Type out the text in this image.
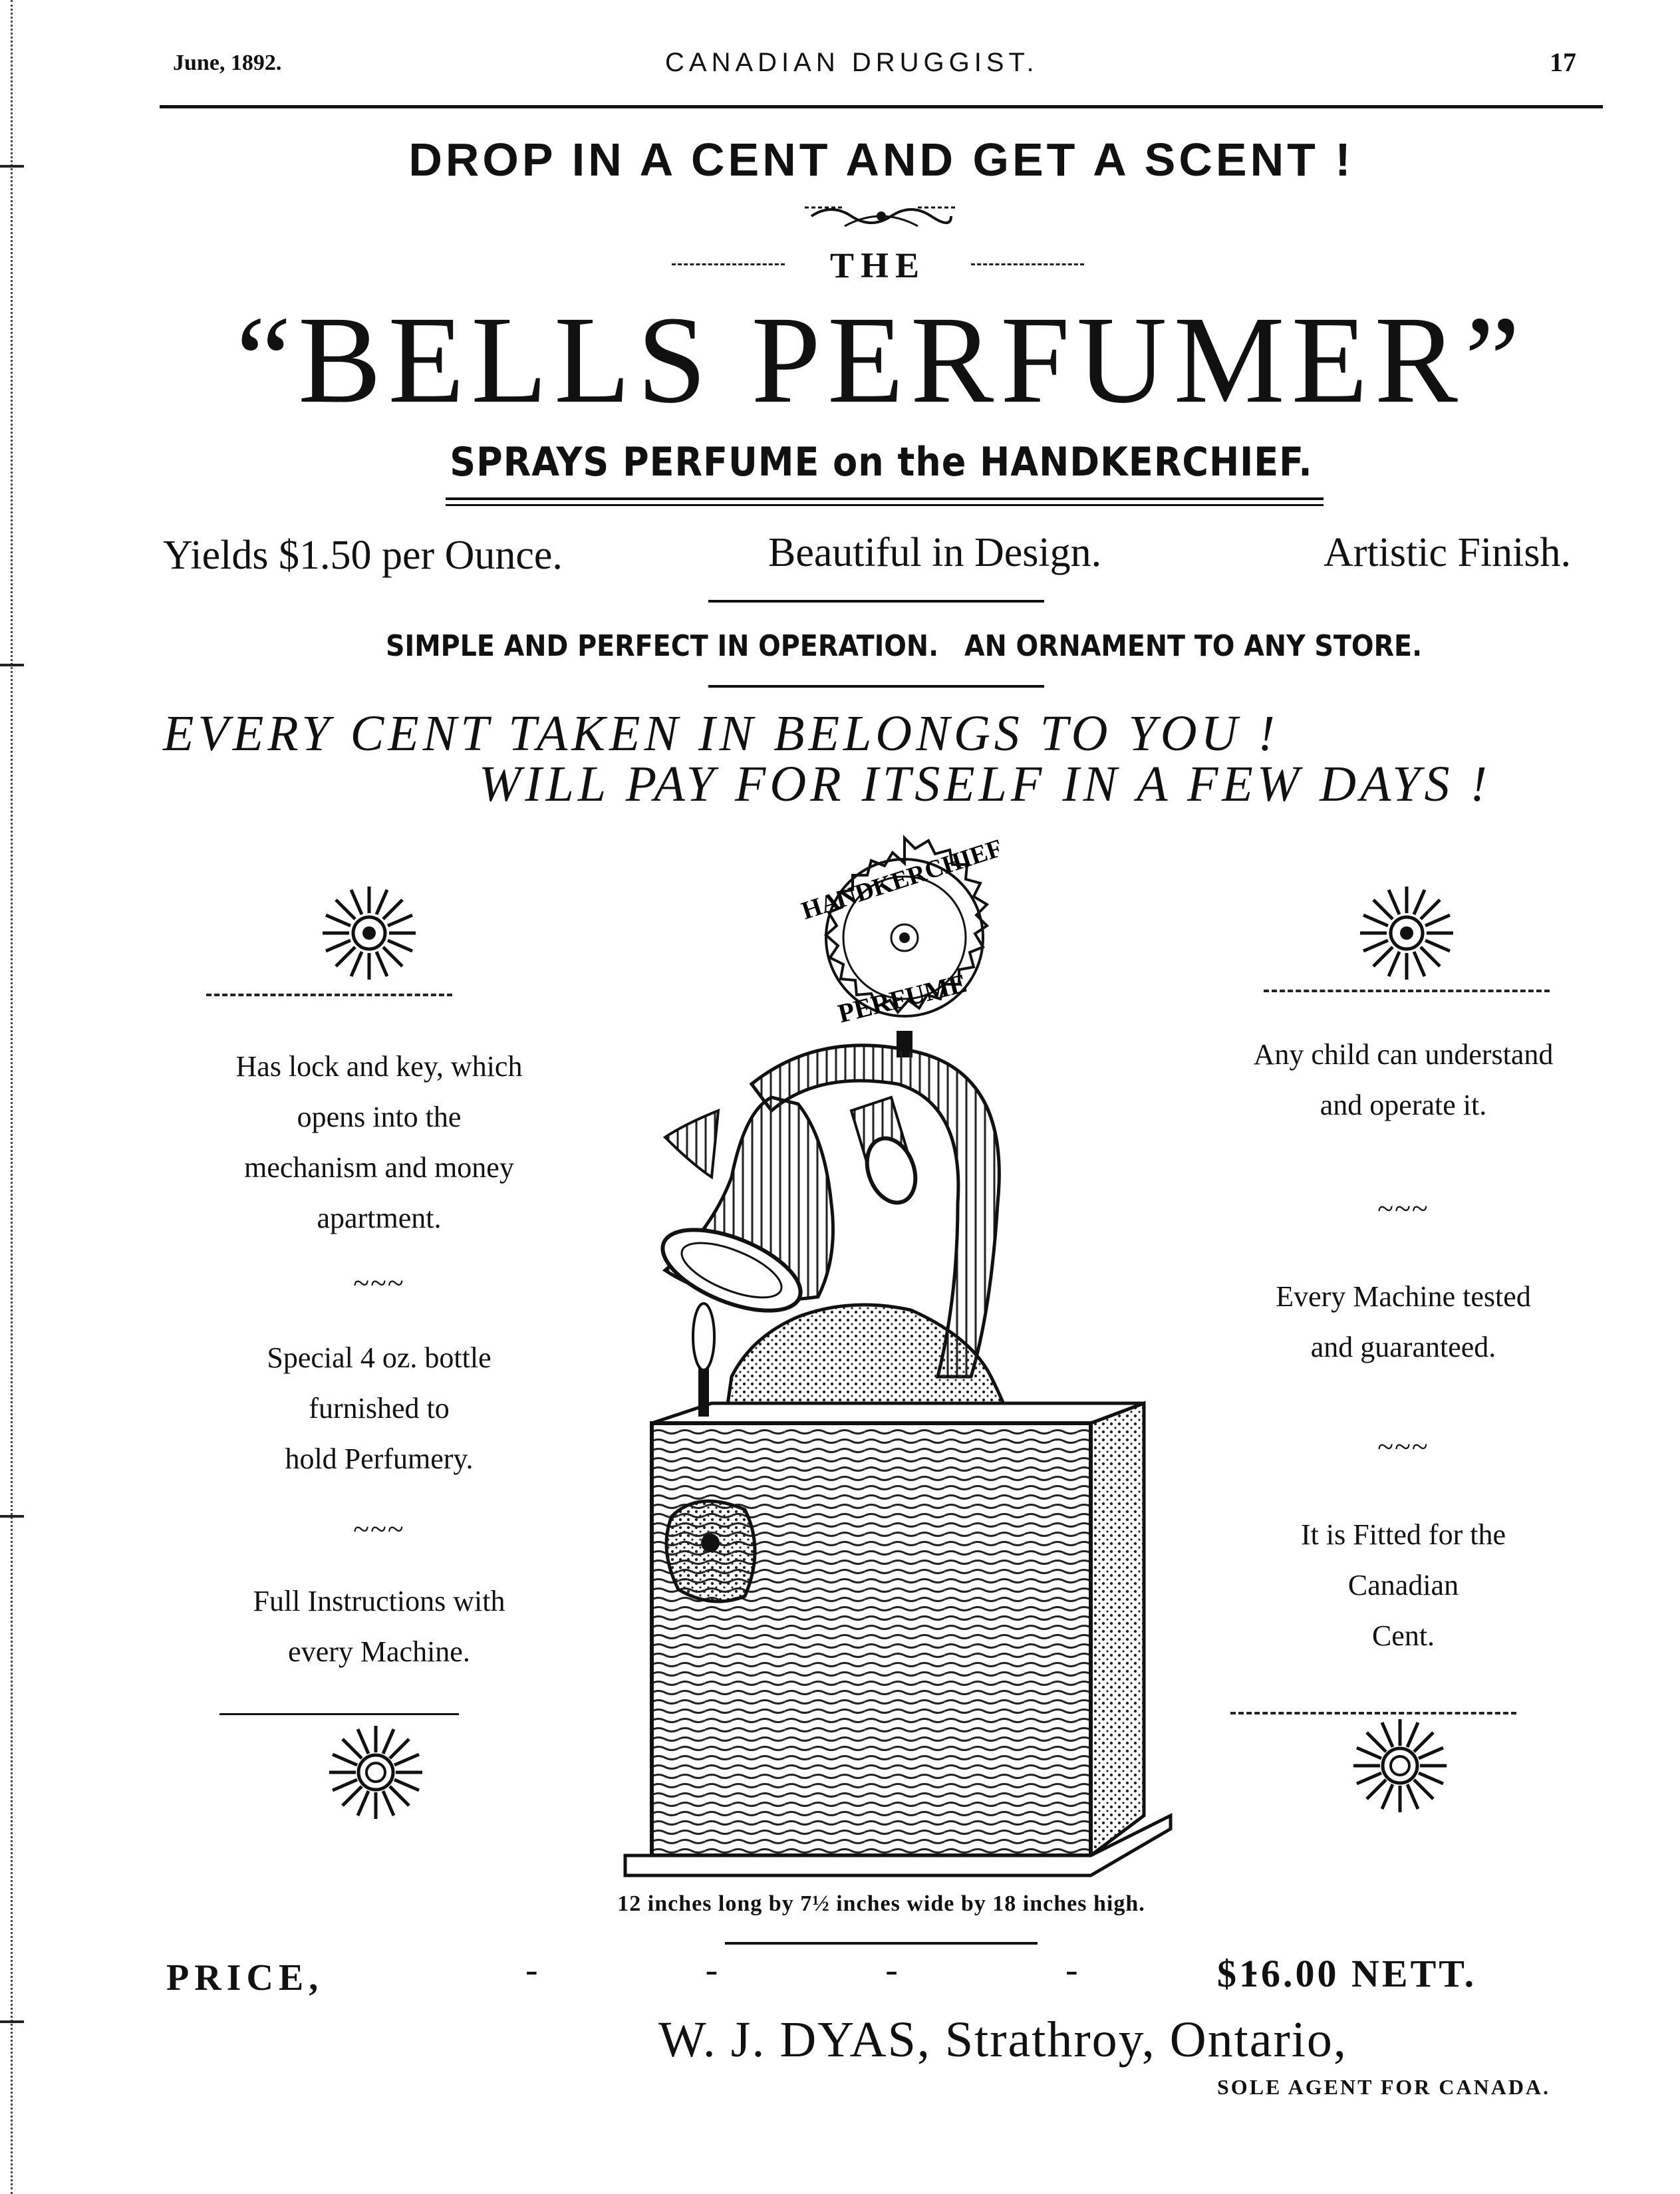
June, 1892.	CANADIAN DRUGGIST.	17
DROP IN A CENT AND GET A SCENT !
THE
“BELLS PERFUMER”
SPRAYS PERFUME on the HANDKERCHIEF.
Yields $1.50 per Ounce.	Beautiful in Design.	Artistic Finish.
SIMPLE AND PERFECT IN OPERATION. AN ORNAMENT TO ANY STORE.
EVERY CENT TAKEN IN BELONGS TO YOU !
WILL PAY FOR ITSELF IN A FEW DAYS !
Has lock and key, which
opens into the
mechanism and money
apartment.
~~~
Special 4 oz. bottle
furnished to
hold Perfumery.
~~~
Full Instructions with
every Machine.
Any child can understand
and operate it.
~~~
Every Machine tested
and guaranteed.
~~~
It is Fitted for the
Canadian
Cent.
HANDKERCHIEF
PERFUME
12 inches long by 7½ inches wide by 18 inches high.
PRICE,	-      -      -      -      -
$16.00 NETT.
W. J. DYAS, Strathroy, Ontario,
SOLE AGENT FOR CANADA.
